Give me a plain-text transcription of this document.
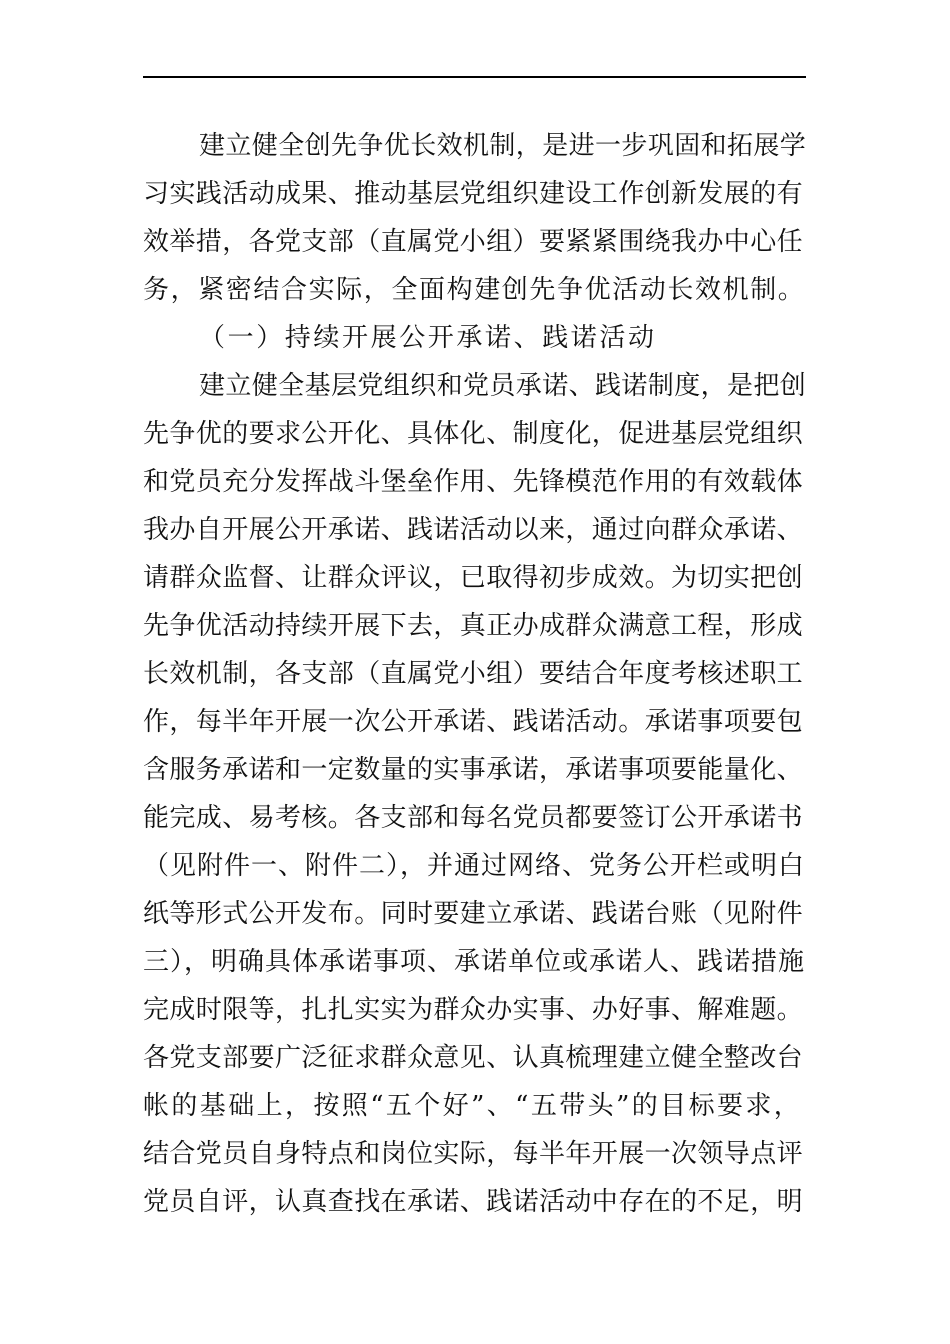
建立健全创先争优长效机制，是进一步巩固和拓展学
习实践活动成果、推动基层党组织建设工作创新发展的有
效举措，各党支部（直属党小组）要紧紧围绕我办中心任
务，紧密结合实际，全面构建创先争优活动长效机制。
（一）持续开展公开承诺、践诺活动
建立健全基层党组织和党员承诺、践诺制度，是把创
先争优的要求公开化、具体化、制度化，促进基层党组织
和党员充分发挥战斗堡垒作用、先锋模范作用的有效载体
我办自开展公开承诺、践诺活动以来，通过向群众承诺、
请群众监督、让群众评议，已取得初步成效。为切实把创
先争优活动持续开展下去，真正办成群众满意工程，形成
长效机制，各支部（直属党小组）要结合年度考核述职工
作，每半年开展一次公开承诺、践诺活动。承诺事项要包
含服务承诺和一定数量的实事承诺，承诺事项要能量化、
能完成、易考核。各支部和每名党员都要签订公开承诺书
（见附件一、附件二），并通过网络、党务公开栏或明白
纸等形式公开发布。同时要建立承诺、践诺台账（见附件
三），明确具体承诺事项、承诺单位或承诺人、践诺措施
完成时限等，扎扎实实为群众办实事、办好事、解难题。
各党支部要广泛征求群众意见、认真梳理建立健全整改台
帐的基础上，按照“五个好”、“五带头”的目标要求，
结合党员自身特点和岗位实际，每半年开展一次领导点评
党员自评，认真查找在承诺、践诺活动中存在的不足，明
